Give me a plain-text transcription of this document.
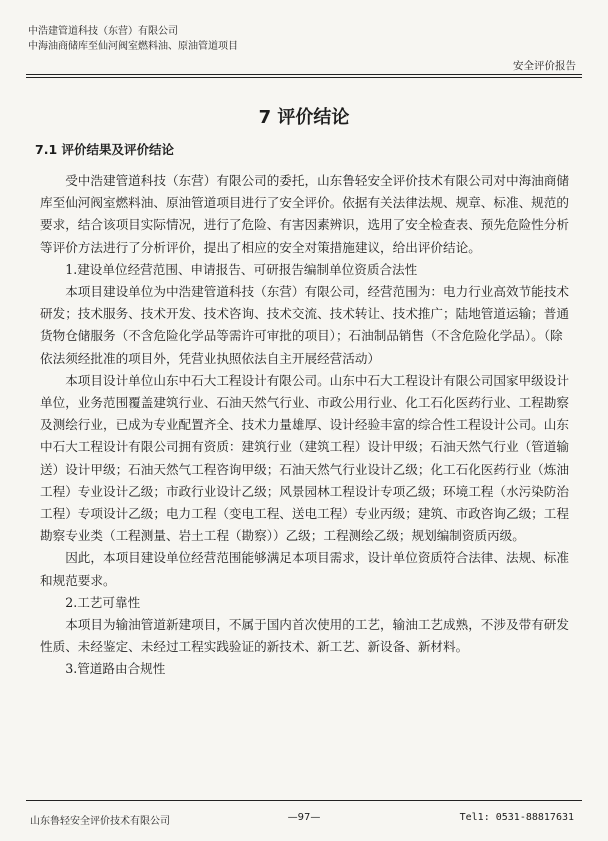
中浩建管道科技（东营）有限公司
中海油商储库至仙河阀室燃料油、原油管道项目
安全评价报告
7 评价结论
7.1 评价结果及评价结论

受中浩建管道科技（东营）有限公司的委托，山东鲁轻安全评价技术有限公司对中海油商储库至仙河阀室燃料油、原油管道项目进行了安全评价。依据有关法律法规、规章、标准、规范的要求，结合该项目实际情况，进行了危险、有害因素辨识，选用了安全检查表、预先危险性分析等评价方法进行了分析评价，提出了相应的安全对策措施建议，给出评价结论。

1.建设单位经营范围、申请报告、可研报告编制单位资质合法性

本项目建设单位为中浩建管道科技（东营）有限公司，经营范围为：电力行业高效节能技术研发；技术服务、技术开发、技术咨询、技术交流、技术转让、技术推广；陆地管道运输；普通货物仓储服务（不含危险化学品等需许可审批的项目）；石油制品销售（不含危险化学品）。（除依法须经批准的项目外，凭营业执照依法自主开展经营活动）

本项目设计单位山东中石大工程设计有限公司。山东中石大工程设计有限公司国家甲级设计单位，业务范围覆盖建筑行业、石油天然气行业、市政公用行业、化工石化医药行业、工程勘察及测绘行业，已成为专业配置齐全、技术力量雄厚、设计经验丰富的综合性工程设计公司。山东中石大工程设计有限公司拥有资质：建筑行业（建筑工程）设计甲级；石油天然气行业（管道输送）设计甲级；石油天然气工程咨询甲级；石油天然气行业设计乙级；化工石化医药行业（炼油工程）专业设计乙级；市政行业设计乙级；风景园林工程设计专项乙级；环境工程（水污染防治工程）专项设计乙级；电力工程（变电工程、送电工程）专业丙级；建筑、市政咨询乙级；工程勘察专业类（工程测量、岩土工程（勘察））乙级；工程测绘乙级；规划编制资质丙级。

因此，本项目建设单位经营范围能够满足本项目需求，设计单位资质符合法律、法规、标准和规范要求。

2.工艺可靠性

本项目为输油管道新建项目，不属于国内首次使用的工艺，输油工艺成熟，不涉及带有研发性质、未经鉴定、未经过工程实践验证的新技术、新工艺、新设备、新材料。

3.管道路由合规性

山东鲁轻安全评价技术有限公司	—97—	Tel1: 0531-88817631
